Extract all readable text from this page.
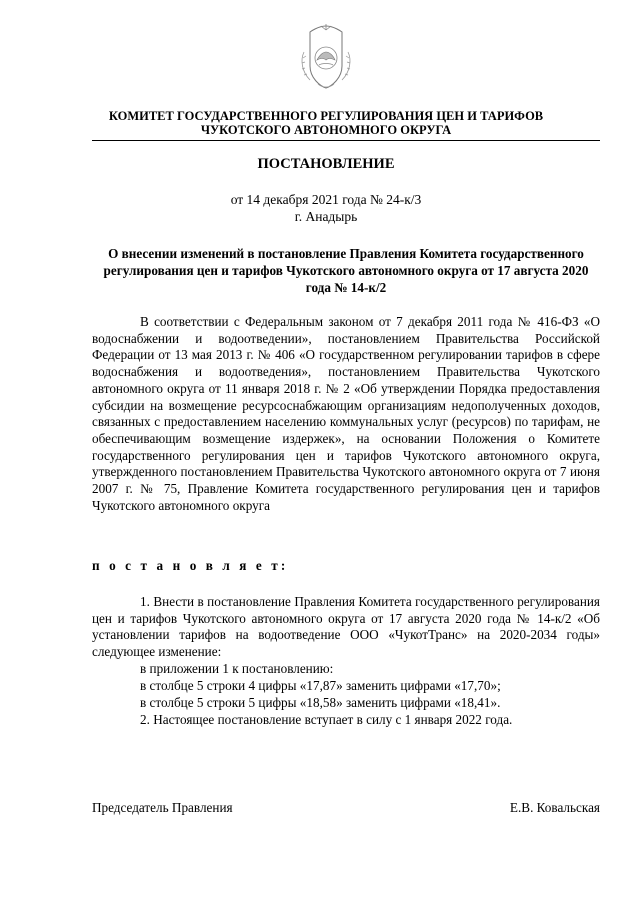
КОМИТЕТ ГОСУДАРСТВЕННОГО РЕГУЛИРОВАНИЯ ЦЕН И ТАРИФОВ
ЧУКОТСКОГО АВТОНОМНОГО ОКРУГА
ПОСТАНОВЛЕНИЕ
от 14 декабря 2021 года № 24-к/3
г. Анадырь
О внесении изменений в постановление Правления Комитета государственного регулирования цен и тарифов Чукотского автономного округа от 17 августа 2020 года № 14-к/2

В соответствии с Федеральным законом от 7 декабря 2011 года № 416-ФЗ «О водоснабжении и водоотведении», постановлением Правительства Российской Федерации от 13 мая 2013 г. № 406 «О государственном регулировании тарифов в сфере водоснабжения и водоотведения», постановлением Правительства Чукотского автономного округа от 11 января 2018 г. № 2 «Об утверждении Порядка предоставления субсидии на возмещение ресурсоснабжающим организациям недополученных доходов, связанных с предоставлением населению коммунальных услуг (ресурсов) по тарифам, не обеспечивающим возмещение издержек», на основании Положения о Комитете государственного регулирования цен и тарифов Чукотского автономного округа, утвержденного постановлением Правительства Чукотского автономного округа от 7 июня 2007 г. № 75, Правление Комитета государственного регулирования цен и тарифов Чукотского автономного округа

п о с т а н о в л я е т:

1. Внести в постановление Правления Комитета государственного регулирования цен и тарифов Чукотского автономного округа от 17 августа 2020 года № 14-к/2 «Об установлении тарифов на водоотведение ООО «ЧукотТранс» на 2020-2034 годы» следующее изменение:

в приложении 1 к постановлению:
в столбце 5 строки 4 цифры «17,87» заменить цифрами «17,70»;
в столбце 5 строки 5 цифры «18,58» заменить цифрами «18,41».
2. Настоящее постановление вступает в силу с 1 января 2022 года.
Председатель Правления	Е.В. Ковальская
